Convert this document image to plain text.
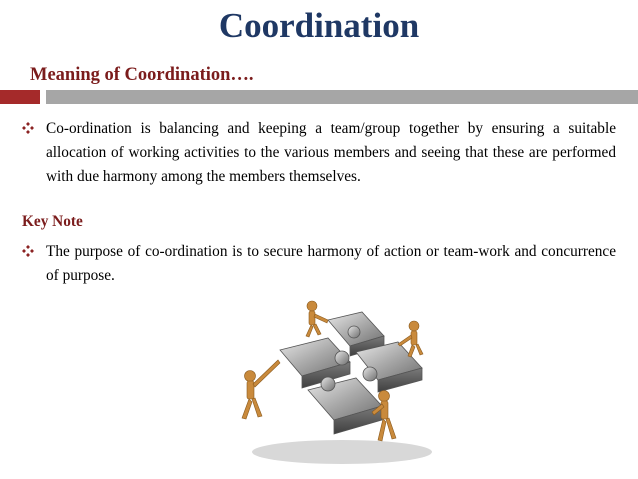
Coordination
Meaning of Coordination….
Co-ordination is balancing and keeping a team/group together by ensuring a suitable allocation of working activities to the various members and seeing that these are performed with due harmony among the members themselves.
Key Note
The purpose of co-ordination is to secure harmony of action or team-work and concurrence of purpose.
